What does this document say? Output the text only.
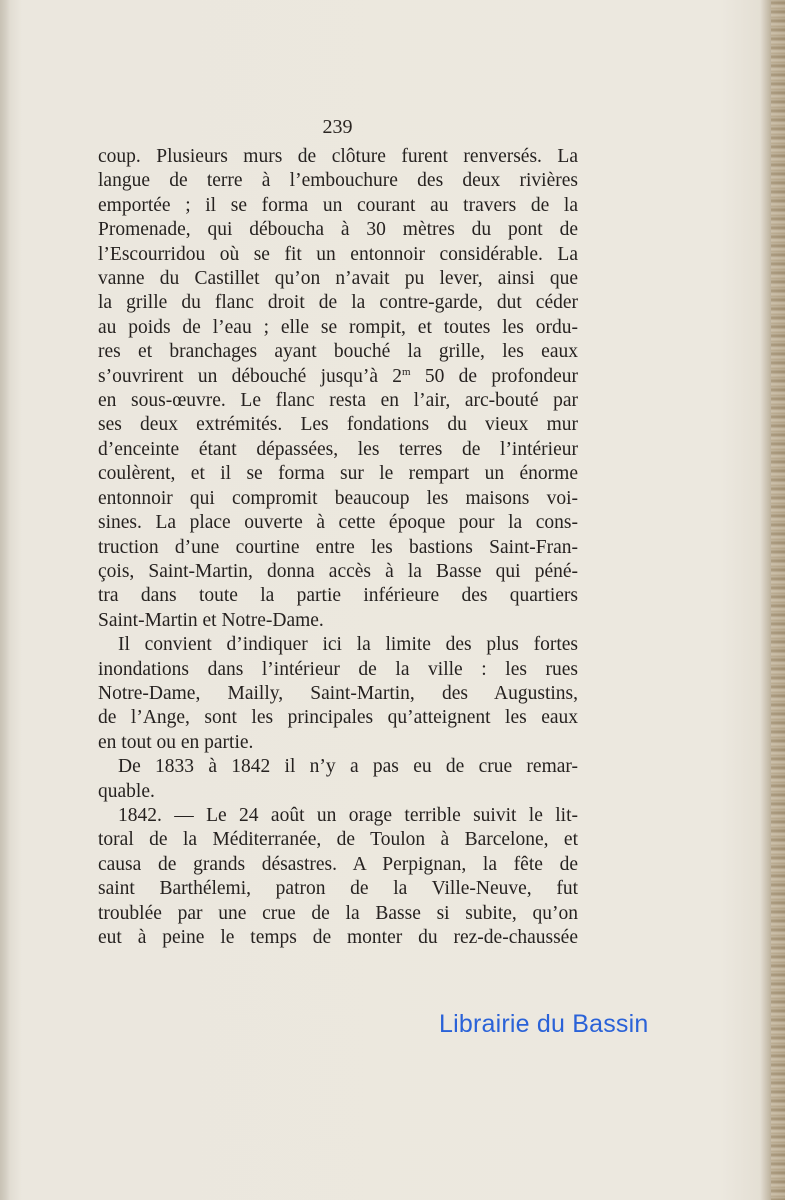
239
coup. Plusieurs murs de clôture furent renversés. La
langue de terre à l’embouchure des deux rivières
emportée ; il se forma un courant au travers de la
Promenade, qui déboucha à 30 mètres du pont de
l’Escourridou où se fit un entonnoir considérable. La
vanne du Castillet qu’on n’avait pu lever, ainsi que
la grille du flanc droit de la contre-garde, dut céder
au poids de l’eau ; elle se rompit, et toutes les ordu-
res et branchages ayant bouché la grille, les eaux
s’ouvrirent un débouché jusqu’à 2$^m$ 50 de profondeur
en sous-œuvre. Le flanc resta en l’air, arc-bouté par
ses deux extrémités. Les fondations du vieux mur
d’enceinte étant dépassées, les terres de l’intérieur
coulèrent, et il se forma sur le rempart un énorme
entonnoir qui compromit beaucoup les maisons voi-
sines. La place ouverte à cette époque pour la cons-
truction d’une courtine entre les bastions Saint-Fran-
çois, Saint-Martin, donna accès à la Basse qui péné-
tra dans toute la partie inférieure des quartiers
Saint-Martin et Notre-Dame.
Il convient d’indiquer ici la limite des plus fortes
inondations dans l’intérieur de la ville : les rues
Notre-Dame, Mailly, Saint-Martin, des Augustins,
de l’Ange, sont les principales qu’atteignent les eaux
en tout ou en partie.
De 1833 à 1842 il n’y a pas eu de crue remar-
quable.
1842. — Le 24 août un orage terrible suivit le lit-
toral de la Méditerranée, de Toulon à Barcelone, et
causa de grands désastres. A Perpignan, la fête de
saint Barthélemi, patron de la Ville-Neuve, fut
troublée par une crue de la Basse si subite, qu’on
eut à peine le temps de monter du rez-de-chaussée
Librairie du Bassin
